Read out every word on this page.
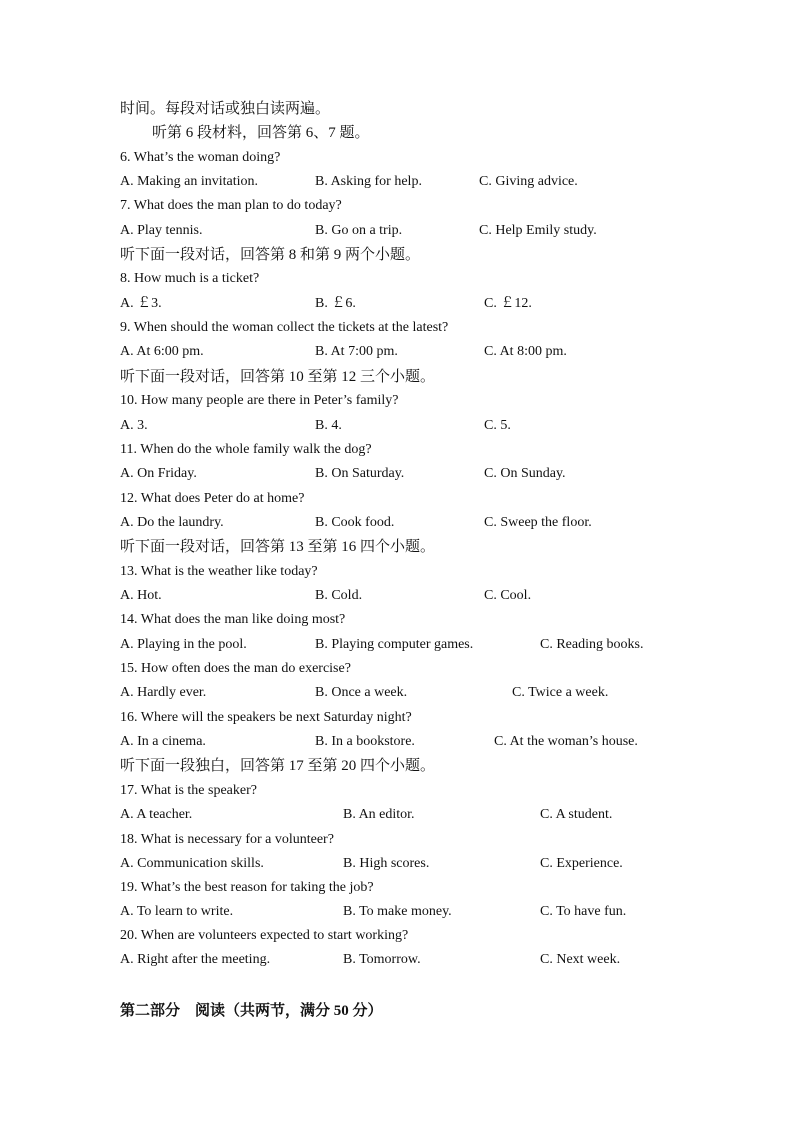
时间。每段对话或独白读两遍。
听第 6 段材料，回答第 6、7 题。
6. What’s the woman doing?
A. Making an invitation.	B. Asking for help.	C. Giving advice.
7. What does the man plan to do today?
A. Play tennis.	B. Go on a trip.	C. Help Emily study.
听下面一段对话，回答第 8 和第 9 两个小题。
8. How much is a ticket?
A. ￡3.	B. ￡6.	C. ￡12.
9. When should the woman collect the tickets at the latest?
A. At 6:00 pm.	B. At 7:00 pm.	C. At 8:00 pm.
听下面一段对话，回答第 10 至第 12 三个小题。
10. How many people are there in Peter’s family?
A. 3.	B. 4.	C. 5.
11. When do the whole family walk the dog?
A. On Friday.	B. On Saturday.	C. On Sunday.
12. What does Peter do at home?
A. Do the laundry.	B. Cook food.	C. Sweep the floor.
听下面一段对话，回答第 13 至第 16 四个小题。
13. What is the weather like today?
A. Hot.	B. Cold.	C. Cool.
14. What does the man like doing most?
A. Playing in the pool.	B. Playing computer games.	C. Reading books.
15. How often does the man do exercise?
A. Hardly ever.	B. Once a week.	C. Twice a week.
16. Where will the speakers be next Saturday night?
A. In a cinema.	B. In a bookstore.	C. At the woman’s house.
听下面一段独白，回答第 17 至第 20 四个小题。
17. What is the speaker?
A. A teacher.	B. An editor.	C. A student.
18. What is necessary for a volunteer?
A. Communication skills.	B. High scores.	C. Experience.
19. What’s the best reason for taking the job?
A. To learn to write.	B. To make money.	C. To have fun.
20. When are volunteers expected to start working?
A. Right after the meeting.	B. Tomorrow.	C. Next week.
第二部分　阅读（共两节，满分 50 分）
